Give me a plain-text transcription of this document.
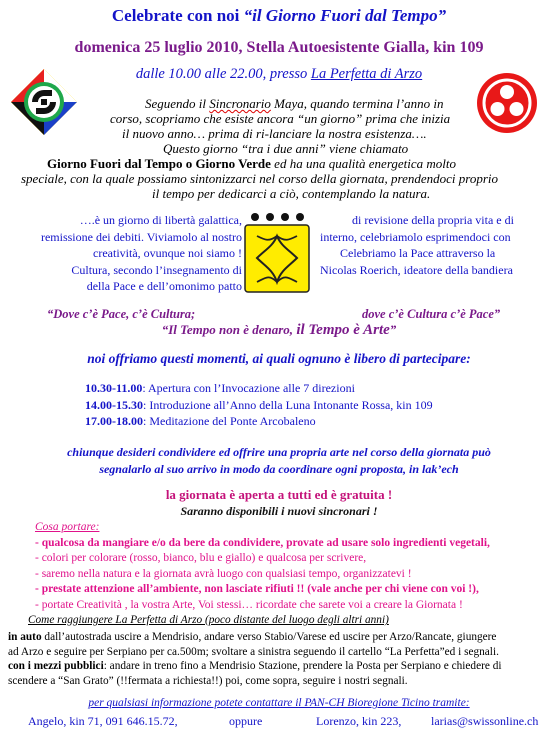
Celebrate con noi “il Giorno Fuori dal Tempo”
domenica 25 luglio 2010, Stella Autoesistente Gialla, kin 109
dalle 10.00 alle 22.00, presso La Perfetta di Arzo
Seguendo il Sincronario Maya, quando termina l’anno in
corso, scopriamo che esiste ancora “un giorno” prima che inizia
il nuovo anno… prima di ri-lanciare la nostra esistenza….
Questo giorno “tra i due anni” viene chiamato
Giorno Fuori dal Tempo o Giorno Verde ed ha una qualità energetica molto
speciale, con la quale possiamo sintonizzarci nel corso della giornata, prendendoci proprio
il tempo per dedicarci a ciò, contemplando la natura.
….è un giorno di libertà galattica,
remissione dei debiti. Viviamolo al nostro
creatività, ovunque noi siamo !
Cultura, secondo l’insegnamento di
della Pace e dell’omonimo patto
di revisione della propria vita e di
interno, celebriamolo esprimendoci con
Celebriamo la Pace attraverso la
Nicolas Roerich, ideatore della bandiera
“Dove c’è Pace, c’è Cultura;	dove c’è Cultura c’è Pace”
“Il Tempo non è denaro, il Tempo è Arte”
noi offriamo questi momenti, ai quali ognuno è libero di partecipare:
10.30-11.00: Apertura con l’Invocazione alle 7 direzioni
14.00-15.30: Introduzione all’Anno della Luna Intonante Rossa, kin 109
17.00-18.00: Meditazione del Ponte Arcobaleno
chiunque desideri condividere ed offrire una propria arte nel corso della giornata può
segnalarlo al suo arrivo in modo da coordinare ogni proposta, in lak’ech
la giornata è aperta a tutti ed è gratuita !
Saranno disponibili i nuovi sincronari !
Cosa portare:
- qualcosa da mangiare e/o da bere da condividere, provate ad usare solo ingredienti vegetali,
- colori per colorare (rosso, bianco, blu e giallo) e qualcosa per scrivere,
- saremo nella natura e la giornata avrà luogo con qualsiasi tempo, organizzatevi !
- prestate attenzione all’ambiente, non lasciate rifiuti !! (vale anche per chi viene con voi !),
- portate Creatività , la vostra Arte, Voi stessi… ricordate che sarete voi a creare la Giornata !
Come raggiungere La Perfetta di Arzo (poco distante del luogo degli altri anni)
in auto dall’autostrada uscire a Mendrisio, andare verso Stabio/Varese ed uscire per Arzo/Rancate, giungere
ad Arzo e seguire per Serpiano per ca.500m; svoltare a sinistra seguendo il cartello “La Perfetta”ed i segnali.
con i mezzi pubblici: andare in treno fino a Mendrisio Stazione, prendere la Posta per Serpiano e chiedere di
scendere a “San Grato” (!!fermata a richiesta!!) poi, come sopra, seguire i nostri segnali.
per qualsiasi informazione potete contattare il PAN-CH Bioregione Ticino tramite:
Angelo, kin 71, 091 646.15.72,	oppure	Lorenzo, kin 223, larias@swissonline.ch
